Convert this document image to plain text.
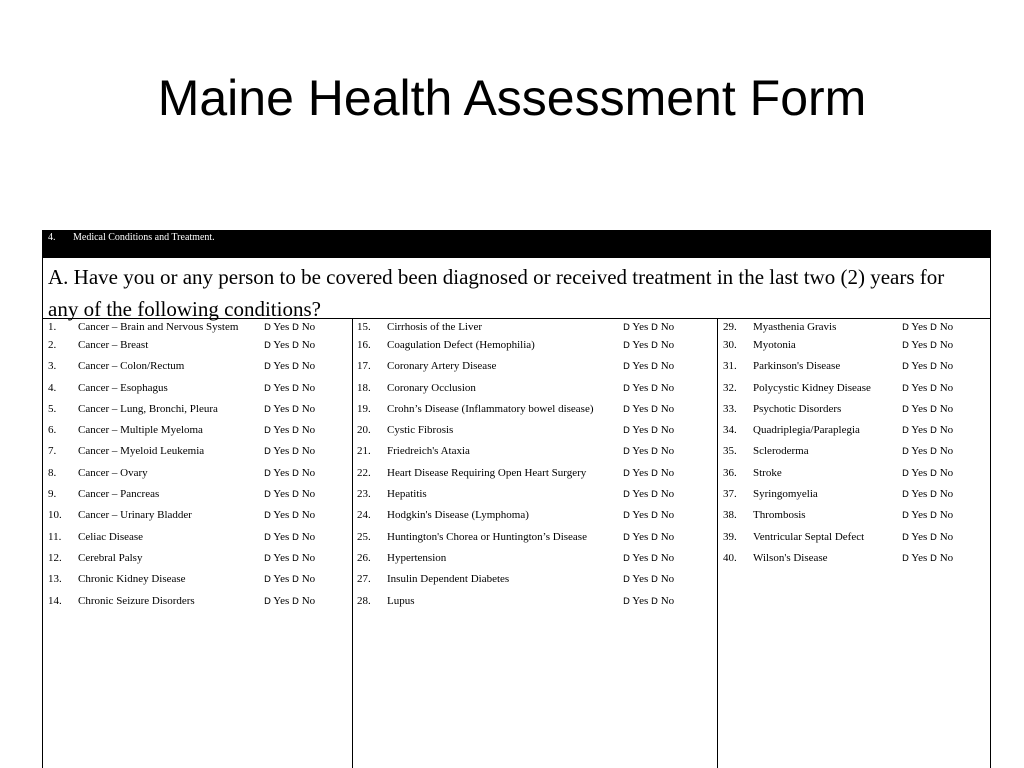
Maine Health Assessment Form
4. Medical Conditions and Treatment.
A. Have you or any person to be covered been diagnosed or received treatment in the last two (2) years for any of the following conditions?
1. Cancer – Brain and Nervous System	D Yes D No
2. Cancer – Breast	D Yes D No
3. Cancer – Colon/Rectum	D Yes D No
4. Cancer – Esophagus	D Yes D No
5. Cancer – Lung, Bronchi, Pleura	D Yes D No
6. Cancer – Multiple Myeloma	D Yes D No
7. Cancer – Myeloid Leukemia	D Yes D No
8. Cancer – Ovary	D Yes D No
9. Cancer – Pancreas	D Yes D No
10. Cancer – Urinary Bladder	D Yes D No
11. Celiac Disease	D Yes D No
12. Cerebral Palsy	D Yes D No
13. Chronic Kidney Disease	D Yes D No
14. Chronic Seizure Disorders	D Yes D No
15. Cirrhosis of the Liver	D Yes D No
16. Coagulation Defect (Hemophilia)	D Yes D No
17. Coronary Artery Disease	D Yes D No
18. Coronary Occlusion	D Yes D No
19. Crohn’s Disease (Inflammatory bowel disease)	D Yes D No
20. Cystic Fibrosis	D Yes D No
21. Friedreich's Ataxia	D Yes D No
22. Heart Disease Requiring Open Heart Surgery	D Yes D No
23. Hepatitis	D Yes D No
24. Hodgkin's Disease (Lymphoma)	D Yes D No
25. Huntington's Chorea or Huntington’s Disease	D Yes D No
26. Hypertension	D Yes D No
27. Insulin Dependent Diabetes	D Yes D No
28. Lupus	D Yes D No
29. Myasthenia Gravis	D Yes D No
30. Myotonia	D Yes D No
31. Parkinson's Disease	D Yes D No
32. Polycystic Kidney Disease	D Yes D No
33. Psychotic Disorders	D Yes D No
34. Quadriplegia/Paraplegia	D Yes D No
35. Scleroderma	D Yes D No
36. Stroke	D Yes D No
37. Syringomyelia	D Yes D No
38. Thrombosis	D Yes D No
39. Ventricular Septal Defect	D Yes D No
40. Wilson's Disease	D Yes D No
